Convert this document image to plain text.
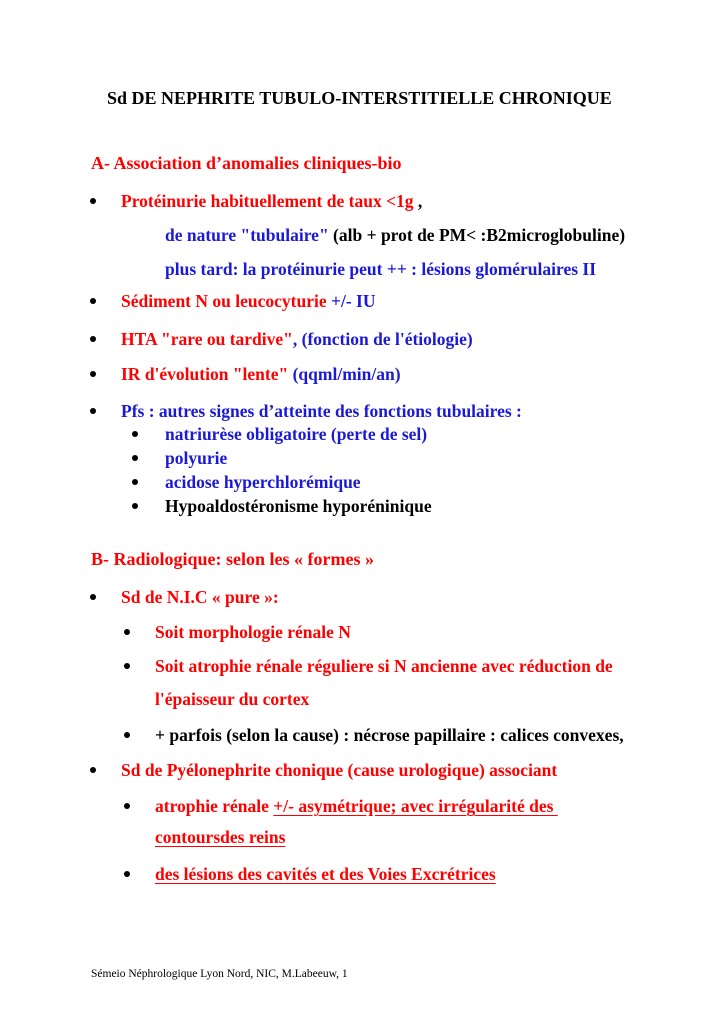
Sd DE NEPHRITE TUBULO-INTERSTITIELLE CHRONIQUE
A- Association d’anomalies cliniques-bio
Protéinurie habituellement de taux <1g ,
de nature "tubulaire" (alb + prot de PM< :B2microglobuline)
plus tard: la protéinurie peut ++ : lésions glomérulaires II
Sédiment N ou leucocyturie +/- IU
HTA "rare ou tardive", (fonction de l'étiologie)
IR d'évolution "lente" (qqml/min/an)
Pfs : autres signes d’atteinte des fonctions tubulaires :
natriurèse obligatoire (perte de sel)
polyurie
acidose hyperchlorémique
Hypoaldostéronisme hyporéninique
B- Radiologique: selon les « formes »
Sd de N.I.C « pure »:
Soit morphologie rénale N
Soit atrophie rénale réguliere si N ancienne avec réduction de
l'épaisseur du cortex
+ parfois (selon la cause) : nécrose papillaire : calices convexes,
Sd de Pyélonephrite chonique (cause urologique) associant
atrophie rénale +/- asymétrique; avec irrégularité des
contoursdes reins
des lésions des cavités et des Voies Excrétrices
Sémeio Néphrologique Lyon Nord, NIC, M.Labeeuw, 1
